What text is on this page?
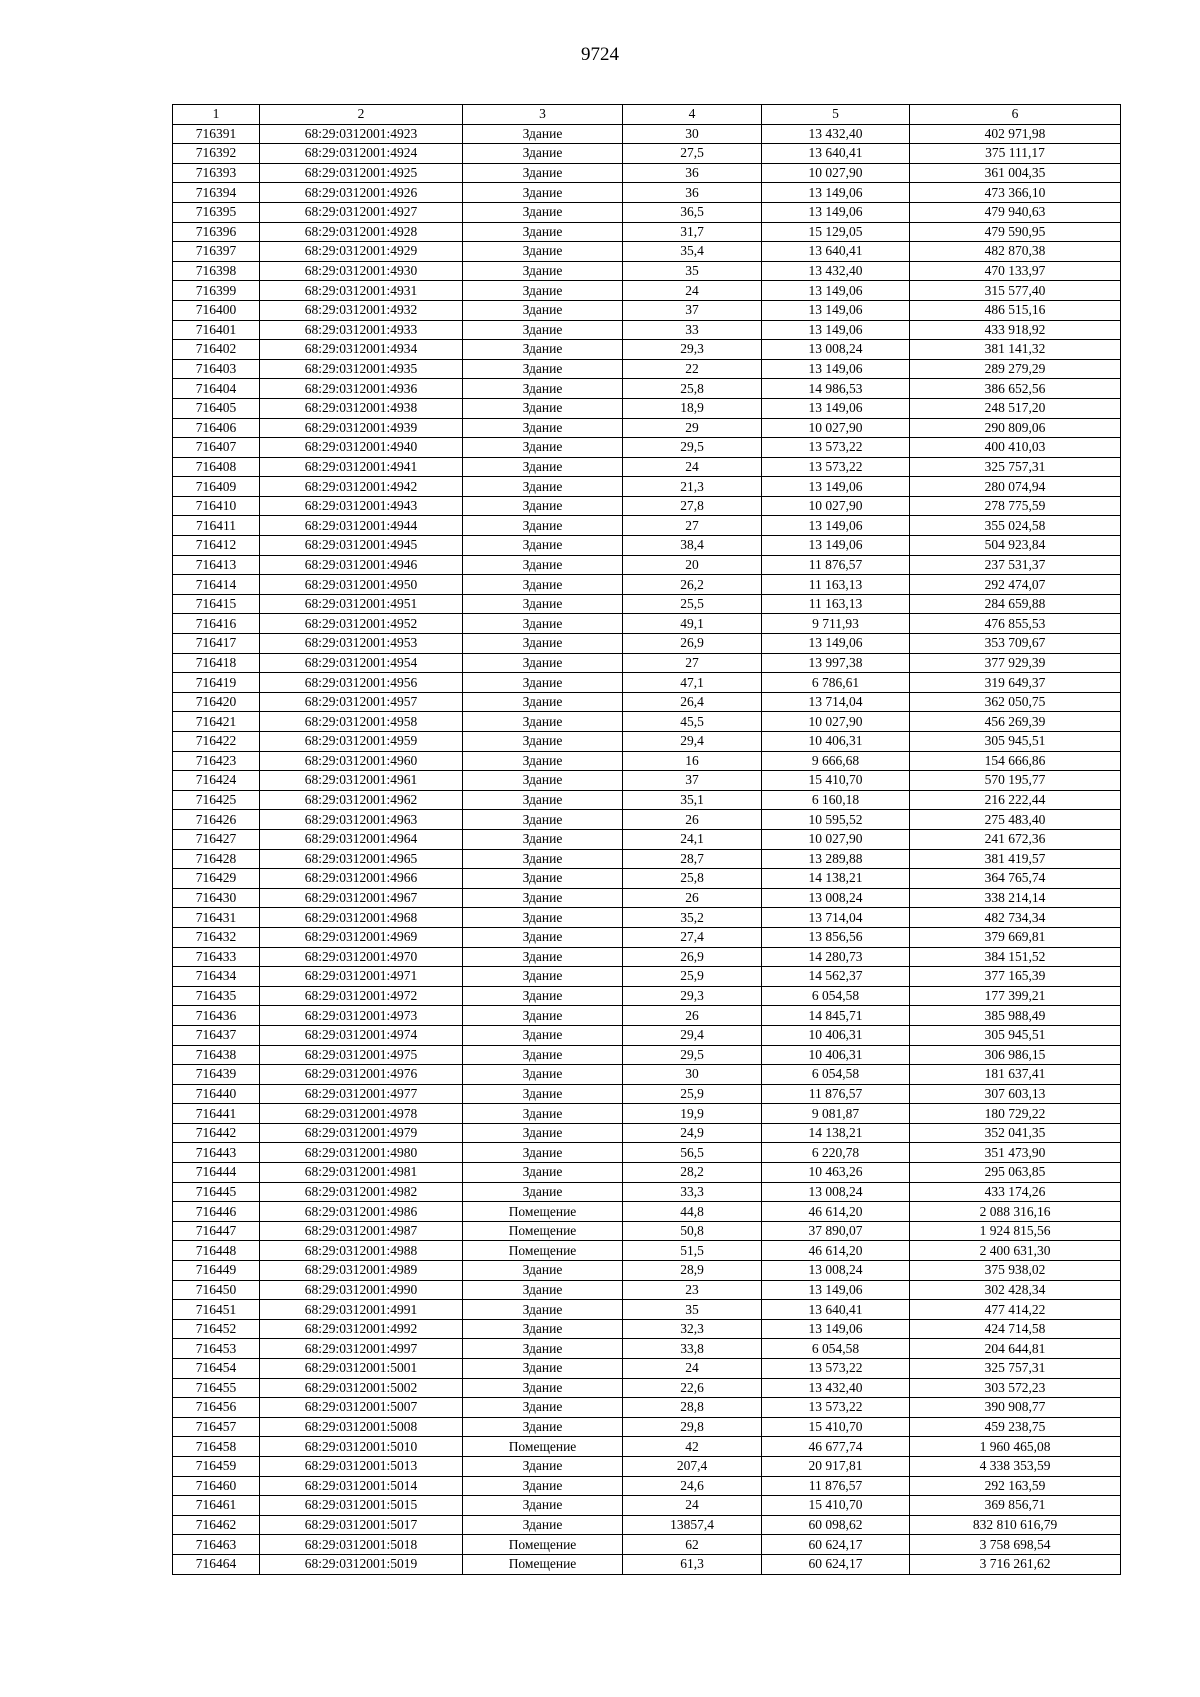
9724
1	2	3	4	5	6
716391	68:29:0312001:4923	Здание	30	13 432,40	402 971,98
716392	68:29:0312001:4924	Здание	27,5	13 640,41	375 111,17
716393	68:29:0312001:4925	Здание	36	10 027,90	361 004,35
716394	68:29:0312001:4926	Здание	36	13 149,06	473 366,10
716395	68:29:0312001:4927	Здание	36,5	13 149,06	479 940,63
716396	68:29:0312001:4928	Здание	31,7	15 129,05	479 590,95
716397	68:29:0312001:4929	Здание	35,4	13 640,41	482 870,38
716398	68:29:0312001:4930	Здание	35	13 432,40	470 133,97
716399	68:29:0312001:4931	Здание	24	13 149,06	315 577,40
716400	68:29:0312001:4932	Здание	37	13 149,06	486 515,16
716401	68:29:0312001:4933	Здание	33	13 149,06	433 918,92
716402	68:29:0312001:4934	Здание	29,3	13 008,24	381 141,32
716403	68:29:0312001:4935	Здание	22	13 149,06	289 279,29
716404	68:29:0312001:4936	Здание	25,8	14 986,53	386 652,56
716405	68:29:0312001:4938	Здание	18,9	13 149,06	248 517,20
716406	68:29:0312001:4939	Здание	29	10 027,90	290 809,06
716407	68:29:0312001:4940	Здание	29,5	13 573,22	400 410,03
716408	68:29:0312001:4941	Здание	24	13 573,22	325 757,31
716409	68:29:0312001:4942	Здание	21,3	13 149,06	280 074,94
716410	68:29:0312001:4943	Здание	27,8	10 027,90	278 775,59
716411	68:29:0312001:4944	Здание	27	13 149,06	355 024,58
716412	68:29:0312001:4945	Здание	38,4	13 149,06	504 923,84
716413	68:29:0312001:4946	Здание	20	11 876,57	237 531,37
716414	68:29:0312001:4950	Здание	26,2	11 163,13	292 474,07
716415	68:29:0312001:4951	Здание	25,5	11 163,13	284 659,88
716416	68:29:0312001:4952	Здание	49,1	9 711,93	476 855,53
716417	68:29:0312001:4953	Здание	26,9	13 149,06	353 709,67
716418	68:29:0312001:4954	Здание	27	13 997,38	377 929,39
716419	68:29:0312001:4956	Здание	47,1	6 786,61	319 649,37
716420	68:29:0312001:4957	Здание	26,4	13 714,04	362 050,75
716421	68:29:0312001:4958	Здание	45,5	10 027,90	456 269,39
716422	68:29:0312001:4959	Здание	29,4	10 406,31	305 945,51
716423	68:29:0312001:4960	Здание	16	9 666,68	154 666,86
716424	68:29:0312001:4961	Здание	37	15 410,70	570 195,77
716425	68:29:0312001:4962	Здание	35,1	6 160,18	216 222,44
716426	68:29:0312001:4963	Здание	26	10 595,52	275 483,40
716427	68:29:0312001:4964	Здание	24,1	10 027,90	241 672,36
716428	68:29:0312001:4965	Здание	28,7	13 289,88	381 419,57
716429	68:29:0312001:4966	Здание	25,8	14 138,21	364 765,74
716430	68:29:0312001:4967	Здание	26	13 008,24	338 214,14
716431	68:29:0312001:4968	Здание	35,2	13 714,04	482 734,34
716432	68:29:0312001:4969	Здание	27,4	13 856,56	379 669,81
716433	68:29:0312001:4970	Здание	26,9	14 280,73	384 151,52
716434	68:29:0312001:4971	Здание	25,9	14 562,37	377 165,39
716435	68:29:0312001:4972	Здание	29,3	6 054,58	177 399,21
716436	68:29:0312001:4973	Здание	26	14 845,71	385 988,49
716437	68:29:0312001:4974	Здание	29,4	10 406,31	305 945,51
716438	68:29:0312001:4975	Здание	29,5	10 406,31	306 986,15
716439	68:29:0312001:4976	Здание	30	6 054,58	181 637,41
716440	68:29:0312001:4977	Здание	25,9	11 876,57	307 603,13
716441	68:29:0312001:4978	Здание	19,9	9 081,87	180 729,22
716442	68:29:0312001:4979	Здание	24,9	14 138,21	352 041,35
716443	68:29:0312001:4980	Здание	56,5	6 220,78	351 473,90
716444	68:29:0312001:4981	Здание	28,2	10 463,26	295 063,85
716445	68:29:0312001:4982	Здание	33,3	13 008,24	433 174,26
716446	68:29:0312001:4986	Помещение	44,8	46 614,20	2 088 316,16
716447	68:29:0312001:4987	Помещение	50,8	37 890,07	1 924 815,56
716448	68:29:0312001:4988	Помещение	51,5	46 614,20	2 400 631,30
716449	68:29:0312001:4989	Здание	28,9	13 008,24	375 938,02
716450	68:29:0312001:4990	Здание	23	13 149,06	302 428,34
716451	68:29:0312001:4991	Здание	35	13 640,41	477 414,22
716452	68:29:0312001:4992	Здание	32,3	13 149,06	424 714,58
716453	68:29:0312001:4997	Здание	33,8	6 054,58	204 644,81
716454	68:29:0312001:5001	Здание	24	13 573,22	325 757,31
716455	68:29:0312001:5002	Здание	22,6	13 432,40	303 572,23
716456	68:29:0312001:5007	Здание	28,8	13 573,22	390 908,77
716457	68:29:0312001:5008	Здание	29,8	15 410,70	459 238,75
716458	68:29:0312001:5010	Помещение	42	46 677,74	1 960 465,08
716459	68:29:0312001:5013	Здание	207,4	20 917,81	4 338 353,59
716460	68:29:0312001:5014	Здание	24,6	11 876,57	292 163,59
716461	68:29:0312001:5015	Здание	24	15 410,70	369 856,71
716462	68:29:0312001:5017	Здание	13857,4	60 098,62	832 810 616,79
716463	68:29:0312001:5018	Помещение	62	60 624,17	3 758 698,54
716464	68:29:0312001:5019	Помещение	61,3	60 624,17	3 716 261,62
